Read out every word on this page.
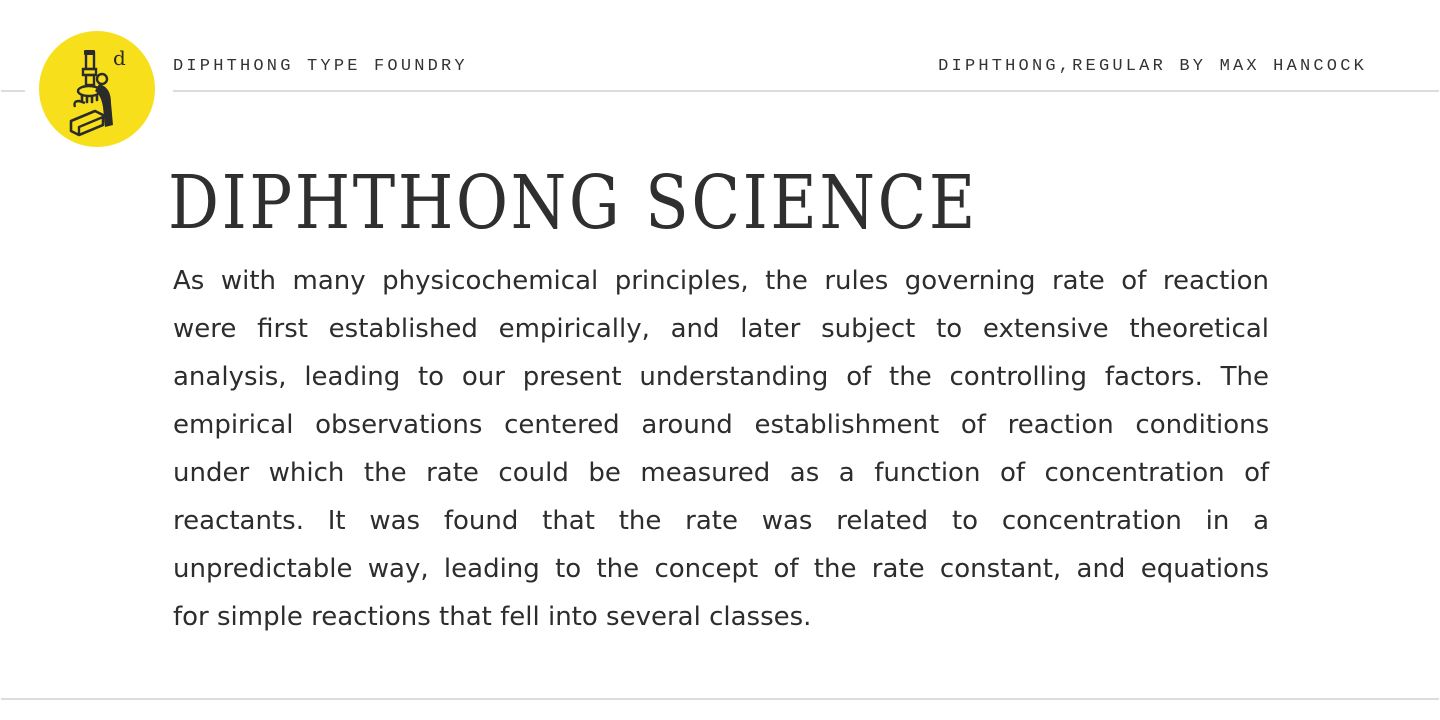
d	DIPHTHONG TYPE FOUNDRY	DIPHTHONG,REGULAR BY MAX HANCOCK
DIPHTHONG SCIENCE
As with many physicochemical principles, the rules governing rate of reaction
were first established empirically, and later subject to extensive theoretical
analysis, leading to our present understanding of the controlling factors. The
empirical observations centered around establishment of reaction conditions
under which the rate could be measured as a function of concentration of
reactants. It was found that the rate was related to concentration in a
unpredictable way, leading to the concept of the rate constant, and equations
for simple reactions that fell into several classes.
